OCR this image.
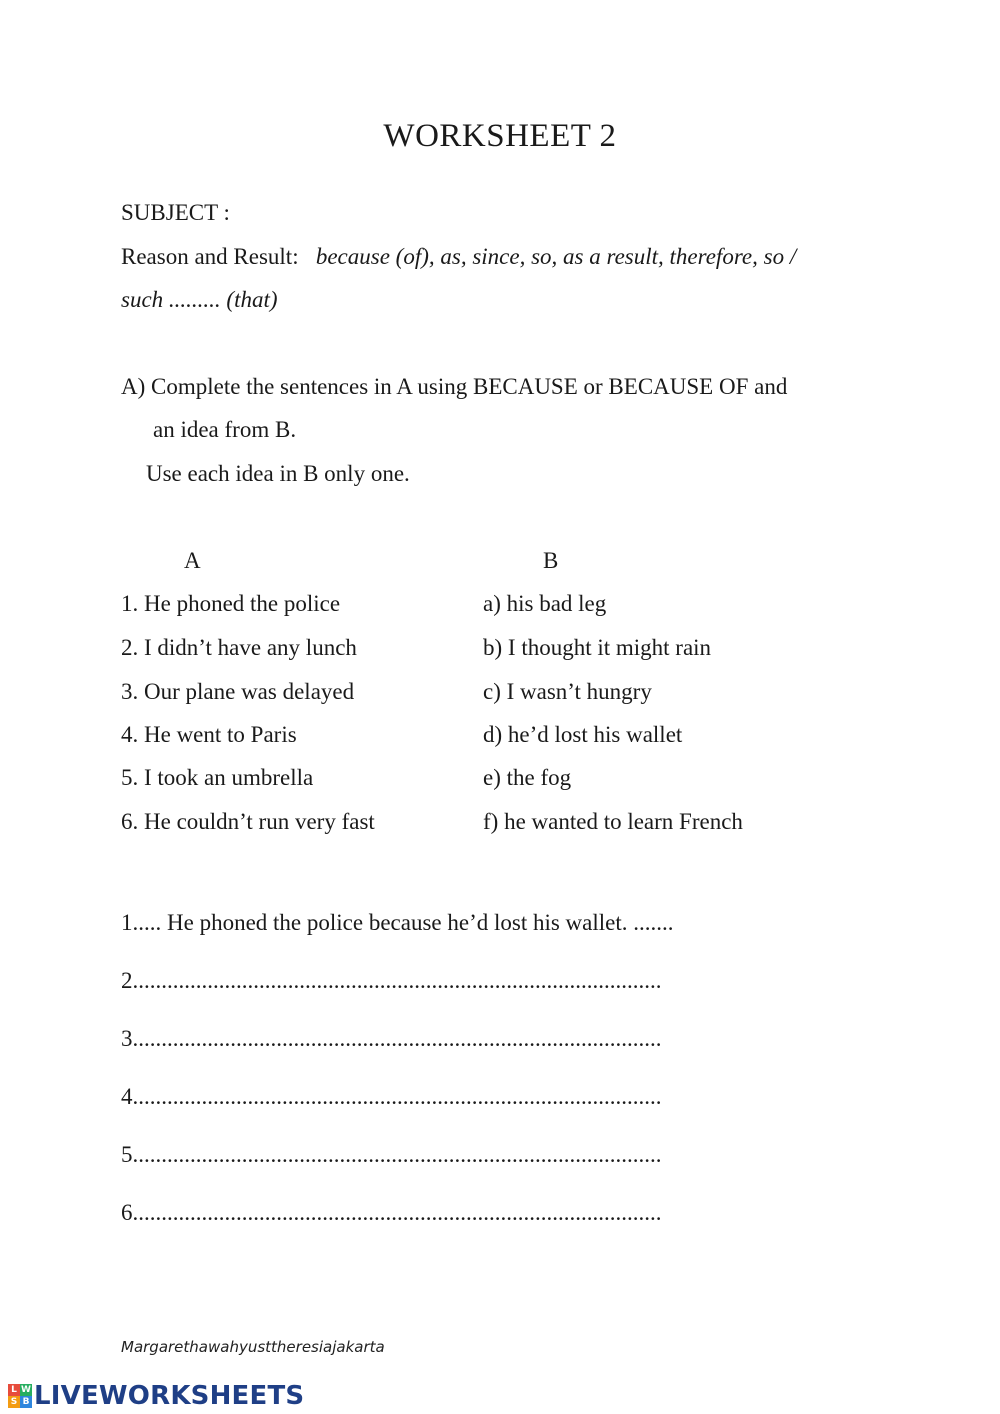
WORKSHEET 2
SUBJECT :
Reason and Result: because (of), as, since, so, as a result, therefore, so /
such ......... (that)
A) Complete the sentences in A using BECAUSE or BECAUSE OF and
an idea from B.
Use each idea in B only one.
A	B
1. He phoned the police
2. I didn’t have any lunch
3. Our plane was delayed
4. He went to Paris
5. I took an umbrella
6. He couldn’t run very fast
a) his bad leg
b) I thought it might rain
c) I wasn’t hungry
d) he’d lost his wallet
e) the fog
f) he wanted to learn French
1..... He phoned the police because he’d lost his wallet. .......
2............................................................................................
3............................................................................................
4............................................................................................
5............................................................................................
6............................................................................................
Margarethawahyusttheresiajakarta
L W
S B LIVEWORKSHEETS
